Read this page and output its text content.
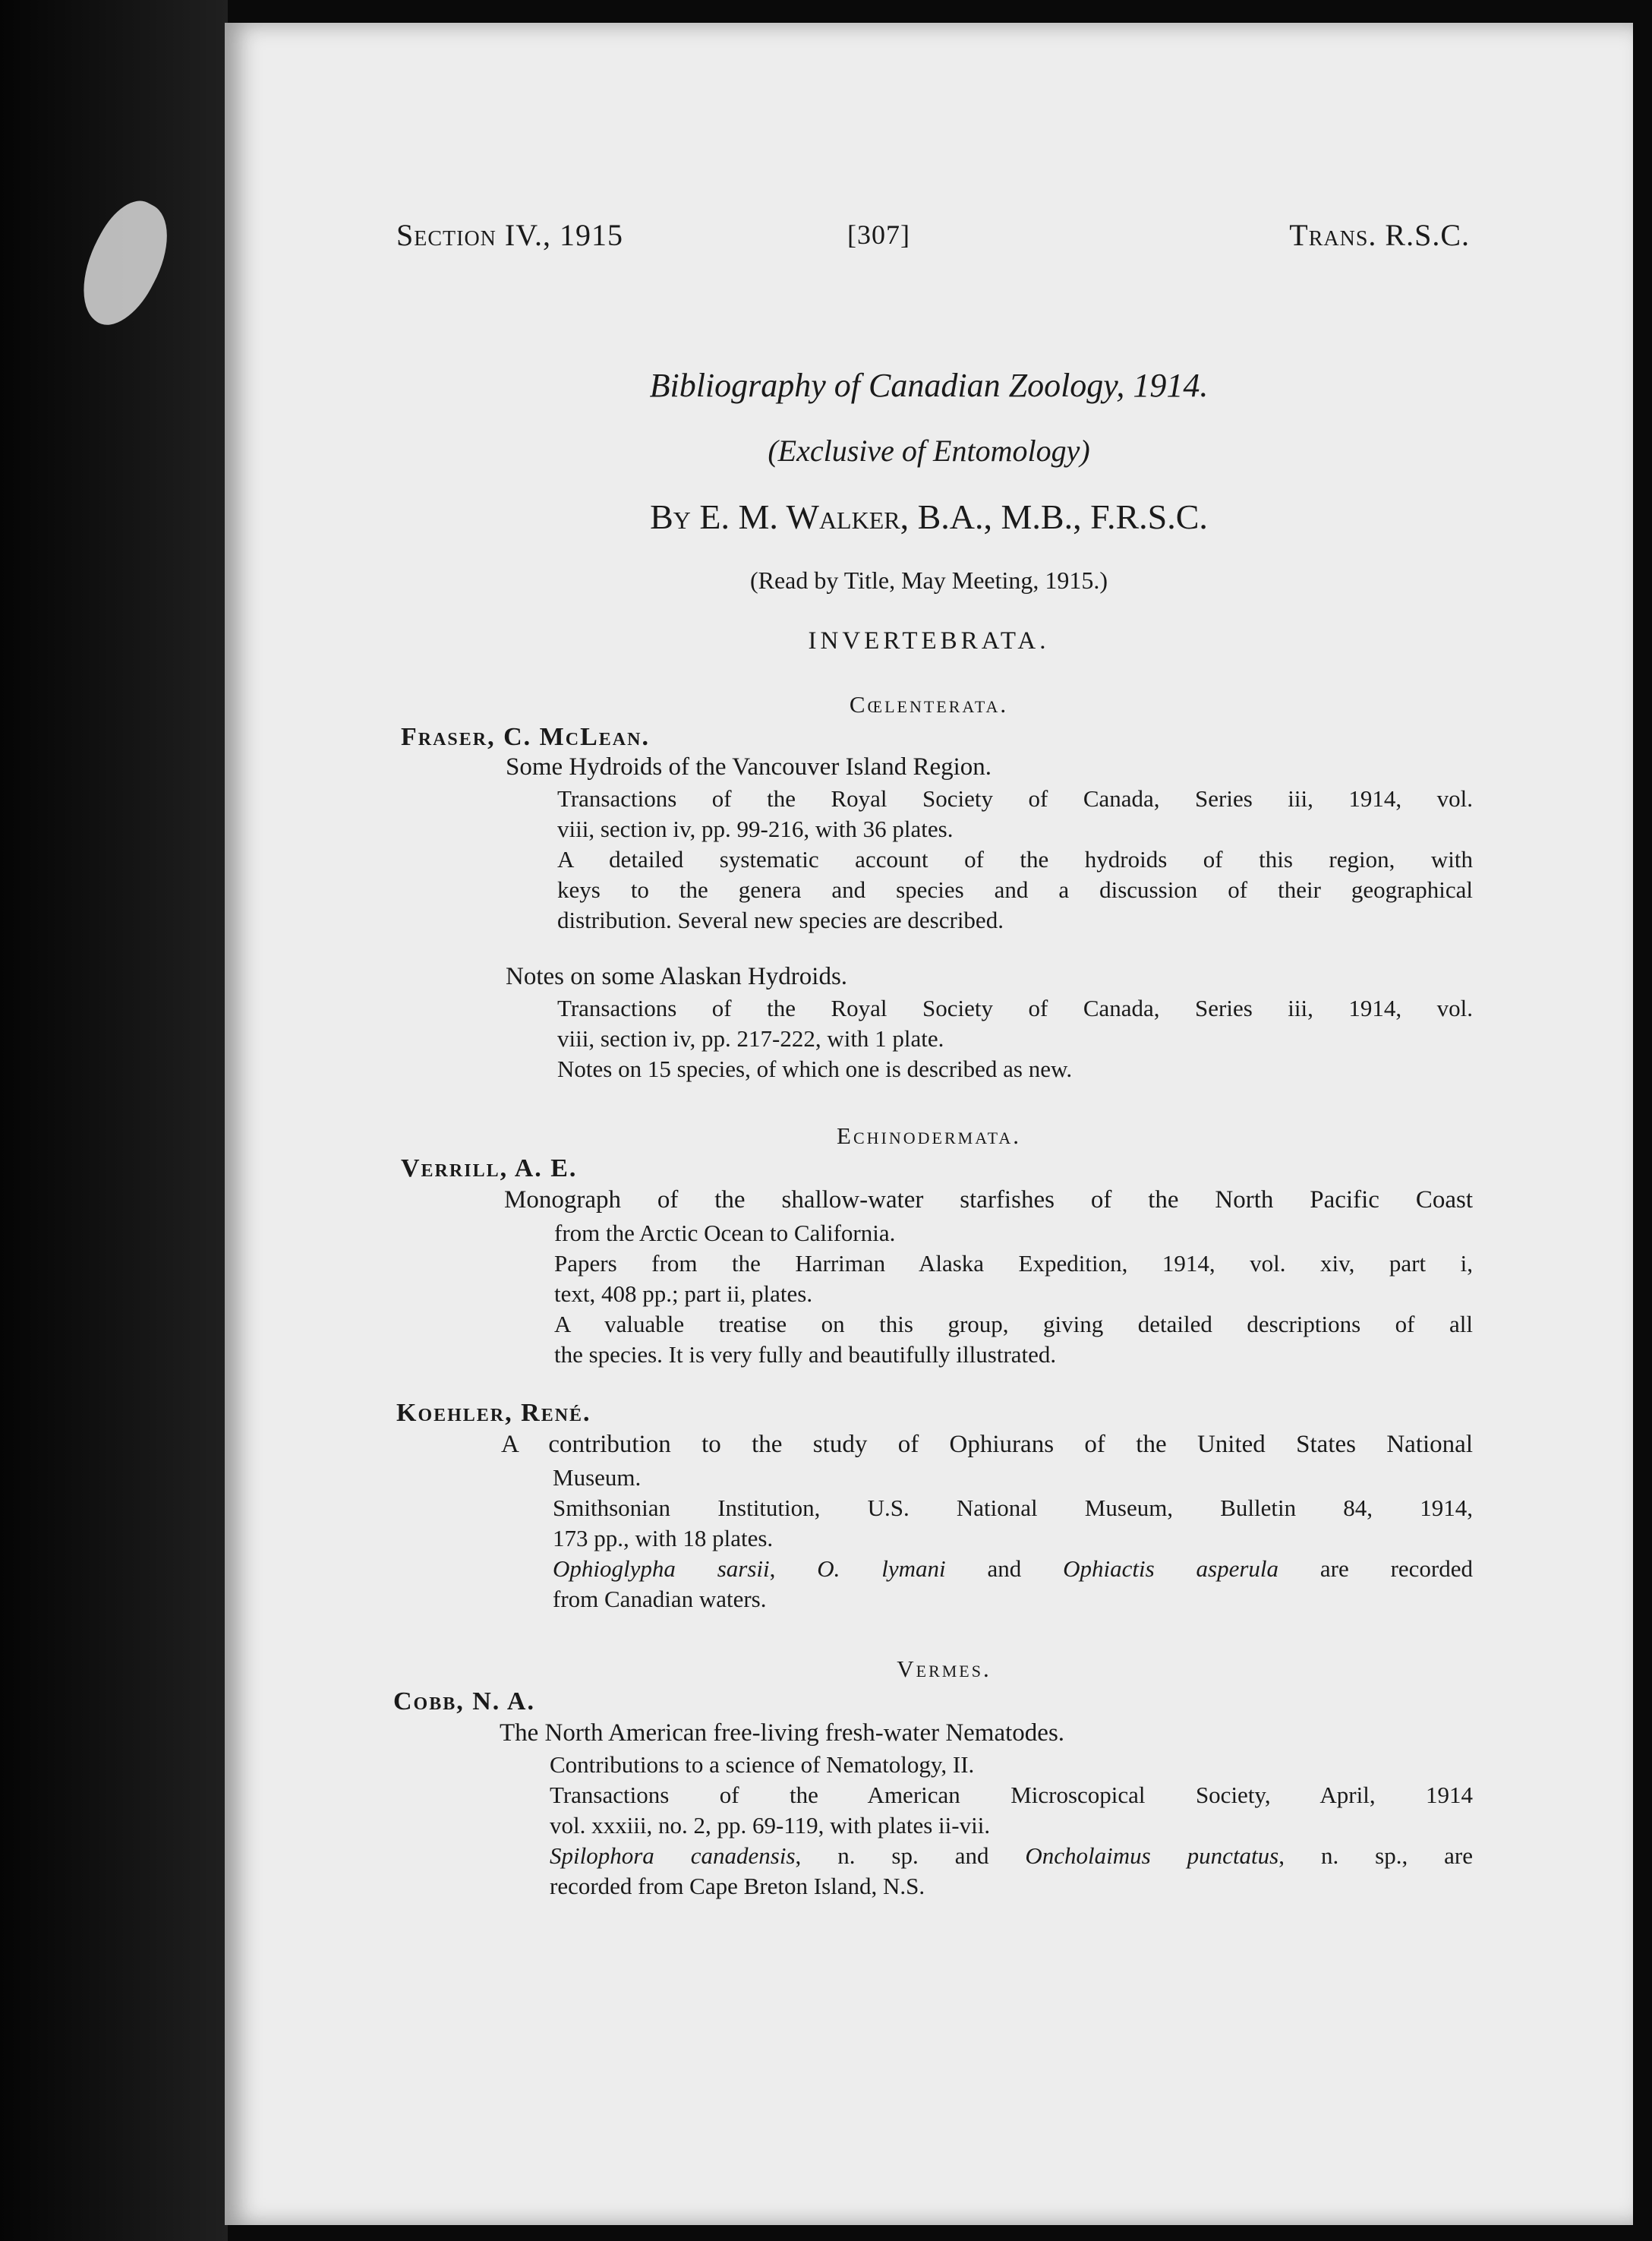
Section IV., 1915	[307]	Trans. R.S.C.
Bibliography of Canadian Zoology, 1914.
(Exclusive of Entomology)
By E. M. Walker, B.A., M.B., F.R.S.C.
(Read by Title, May Meeting, 1915.)
INVERTEBRATA.
Cœlenterata.
Fraser, C. McLean.
Some Hydroids of the Vancouver Island Region.
Transactions of the Royal Society of Canada, Series iii, 1914, vol.
viii, section iv, pp. 99-216, with 36 plates.
A detailed systematic account of the hydroids of this region, with
keys to the genera and species and a discussion of their geographical
distribution. Several new species are described.
Notes on some Alaskan Hydroids.
Transactions of the Royal Society of Canada, Series iii, 1914, vol.
viii, section iv, pp. 217-222, with 1 plate.
Notes on 15 species, of which one is described as new.
Echinodermata.
Verrill, A. E.
Monograph of the shallow-water starfishes of the North Pacific Coast
from the Arctic Ocean to California.
Papers from the Harriman Alaska Expedition, 1914, vol. xiv, part i,
text, 408 pp.; part ii, plates.
A valuable treatise on this group, giving detailed descriptions of all
the species. It is very fully and beautifully illustrated.
Koehler, René.
A contribution to the study of Ophiurans of the United States National
Museum.
Smithsonian Institution, U.S. National Museum, Bulletin 84, 1914,
173 pp., with 18 plates.
Ophioglypha sarsii, O. lymani and Ophiactis asperula are recorded
from Canadian waters.
Vermes.
Cobb, N. A.
The North American free-living fresh-water Nematodes.
Contributions to a science of Nematology, II.
Transactions of the American Microscopical Society, April, 1914
vol. xxxiii, no. 2, pp. 69-119, with plates ii-vii.
Spilophora canadensis, n. sp. and Oncholaimus punctatus, n. sp., are
recorded from Cape Breton Island, N.S.
